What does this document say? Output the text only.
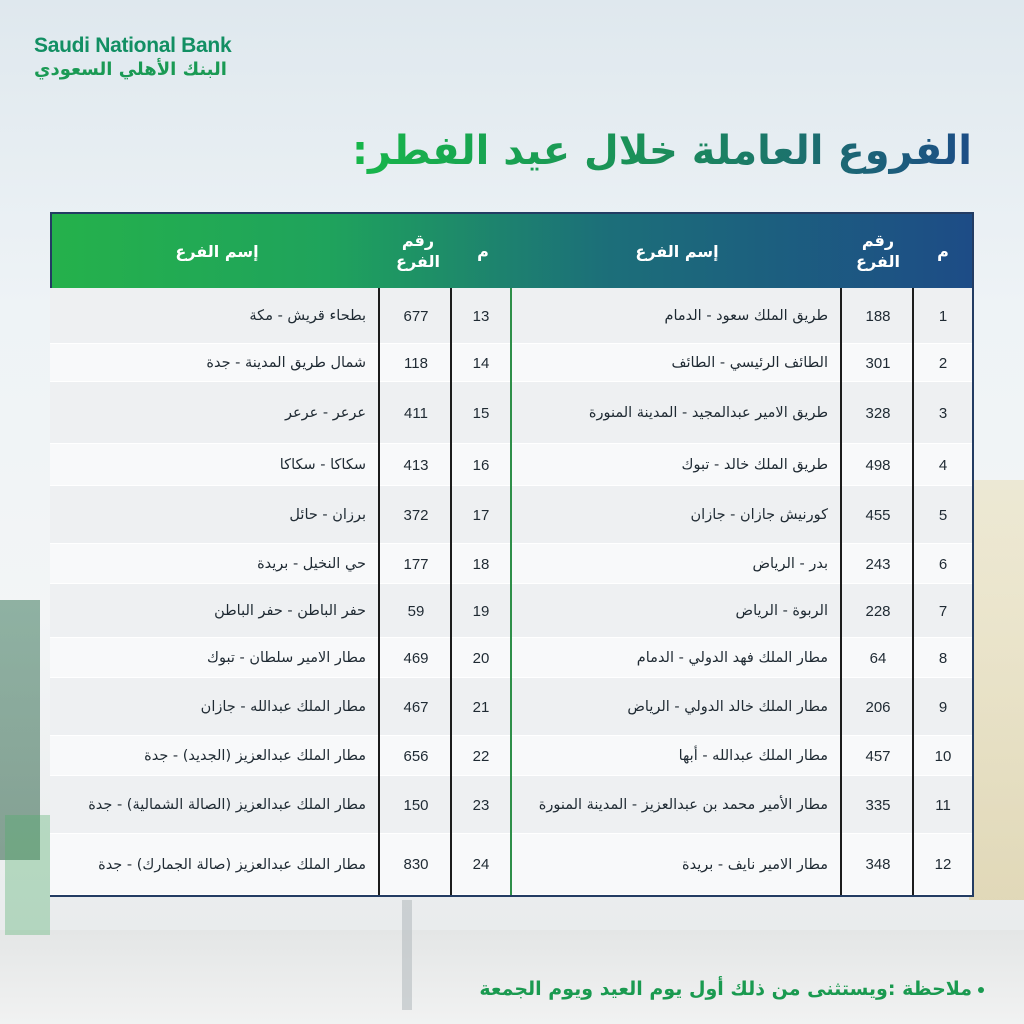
Saudi National Bank
البنك الأهلي السعودي
الفروع العاملة خلال عيد الفطر:
م
رقم الفرع
إسم الفرع
م
رقم الفرع
إسم الفرع
1
188
طريق الملك سعود - الدمام
2
301
الطائف الرئيسي - الطائف
3
328
طريق الامير عبدالمجيد - المدينة المنورة
4
498
طريق الملك خالد - تبوك
5
455
كورنيش جازان - جازان
6
243
بدر - الرياض
7
228
الربوة - الرياض
8
64
مطار الملك فهد الدولي - الدمام
9
206
مطار الملك خالد الدولي - الرياض
10
457
مطار الملك عبدالله - أبها
11
335
مطار الأمير محمد بن عبدالعزيز - المدينة المنورة
12
348
مطار الامير نايف - بريدة
13
677
بطحاء قريش - مكة
14
118
شمال طريق المدينة - جدة
15
411
عرعر - عرعر
16
413
سكاكا - سكاكا
17
372
برزان - حائل
18
177
حي النخيل - بريدة
19
59
حفر الباطن - حفر الباطن
20
469
مطار الامير سلطان - تبوك
21
467
مطار الملك عبدالله - جازان
22
656
مطار الملك عبدالعزيز (الجديد) - جدة
23
150
مطار الملك عبدالعزيز (الصالة الشمالية) - جدة
24
830
مطار الملك عبدالعزيز (صالة الجمارك) - جدة
ملاحظة :ويستثنى من ذلك أول يوم العيد ويوم الجمعة
